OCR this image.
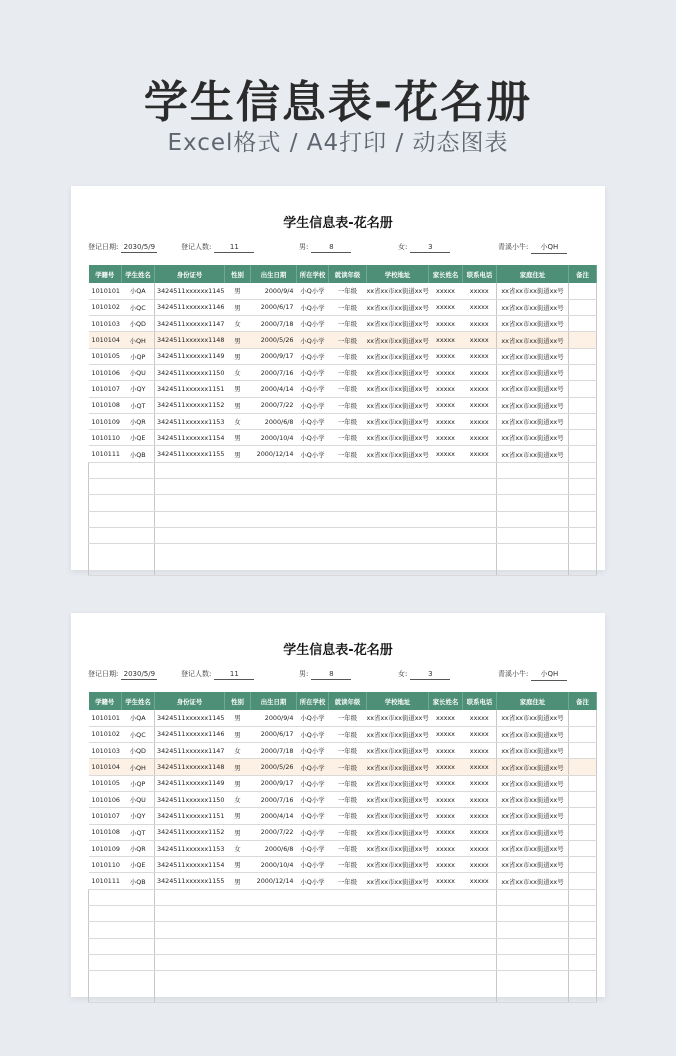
学生信息表-花名册
Excel格式 / A4打印 / 动态图表
学生信息表-花名册
登记日期: 2030/5/9	登记人数:	11	男:	8	女:	3	青溪小牛: 小QH
学籍号	学生姓名	身份证号	性别	出生日期	所在学校	就读年级	学校地址	家长姓名	联系电话	家庭住址	备注
1010101	小QA	3424511xxxxxx1145	男	2000/9/4	小Q小学	一年级	xx省xx市xx街道xx号	xxxxx	xxxxx	xx省xx市xx街道xx号	
1010102	小QC	3424511xxxxxx1146	男	2000/6/17	小Q小学	一年级	xx省xx市xx街道xx号	xxxxx	xxxxx	xx省xx市xx街道xx号	
1010103	小QD	3424511xxxxxx1147	女	2000/7/18	小Q小学	一年级	xx省xx市xx街道xx号	xxxxx	xxxxx	xx省xx市xx街道xx号	
1010104	小QH	3424511xxxxxx1148	男	2000/5/26	小Q小学	一年级	xx省xx市xx街道xx号	xxxxx	xxxxx	xx省xx市xx街道xx号	
1010105	小QP	3424511xxxxxx1149	男	2000/9/17	小Q小学	一年级	xx省xx市xx街道xx号	xxxxx	xxxxx	xx省xx市xx街道xx号	
1010106	小QU	3424511xxxxxx1150	女	2000/7/16	小Q小学	一年级	xx省xx市xx街道xx号	xxxxx	xxxxx	xx省xx市xx街道xx号	
1010107	小QY	3424511xxxxxx1151	男	2000/4/14	小Q小学	一年级	xx省xx市xx街道xx号	xxxxx	xxxxx	xx省xx市xx街道xx号	
1010108	小QT	3424511xxxxxx1152	男	2000/7/22	小Q小学	一年级	xx省xx市xx街道xx号	xxxxx	xxxxx	xx省xx市xx街道xx号	
1010109	小QR	3424511xxxxxx1153	女	2000/6/8	小Q小学	一年级	xx省xx市xx街道xx号	xxxxx	xxxxx	xx省xx市xx街道xx号	
1010110	小QE	3424511xxxxxx1154	男	2000/10/4	小Q小学	一年级	xx省xx市xx街道xx号	xxxxx	xxxxx	xx省xx市xx街道xx号	
1010111	小QB	3424511xxxxxx1155	男	2000/12/14	小Q小学	一年级	xx省xx市xx街道xx号	xxxxx	xxxxx	xx省xx市xx街道xx号	

学生信息表-花名册
登记日期: 2030/5/9	登记人数:	11	男:	8	女:	3	青溪小牛: 小QH
学籍号	学生姓名	身份证号	性别	出生日期	所在学校	就读年级	学校地址	家长姓名	联系电话	家庭住址	备注
1010101	小QA	3424511xxxxxx1145	男	2000/9/4	小Q小学	一年级	xx省xx市xx街道xx号	xxxxx	xxxxx	xx省xx市xx街道xx号	
1010102	小QC	3424511xxxxxx1146	男	2000/6/17	小Q小学	一年级	xx省xx市xx街道xx号	xxxxx	xxxxx	xx省xx市xx街道xx号	
1010103	小QD	3424511xxxxxx1147	女	2000/7/18	小Q小学	一年级	xx省xx市xx街道xx号	xxxxx	xxxxx	xx省xx市xx街道xx号	
1010104	小QH	3424511xxxxxx1148	男	2000/5/26	小Q小学	一年级	xx省xx市xx街道xx号	xxxxx	xxxxx	xx省xx市xx街道xx号	
1010105	小QP	3424511xxxxxx1149	男	2000/9/17	小Q小学	一年级	xx省xx市xx街道xx号	xxxxx	xxxxx	xx省xx市xx街道xx号	
1010106	小QU	3424511xxxxxx1150	女	2000/7/16	小Q小学	一年级	xx省xx市xx街道xx号	xxxxx	xxxxx	xx省xx市xx街道xx号	
1010107	小QY	3424511xxxxxx1151	男	2000/4/14	小Q小学	一年级	xx省xx市xx街道xx号	xxxxx	xxxxx	xx省xx市xx街道xx号	
1010108	小QT	3424511xxxxxx1152	男	2000/7/22	小Q小学	一年级	xx省xx市xx街道xx号	xxxxx	xxxxx	xx省xx市xx街道xx号	
1010109	小QR	3424511xxxxxx1153	女	2000/6/8	小Q小学	一年级	xx省xx市xx街道xx号	xxxxx	xxxxx	xx省xx市xx街道xx号	
1010110	小QE	3424511xxxxxx1154	男	2000/10/4	小Q小学	一年级	xx省xx市xx街道xx号	xxxxx	xxxxx	xx省xx市xx街道xx号	
1010111	小QB	3424511xxxxxx1155	男	2000/12/14	小Q小学	一年级	xx省xx市xx街道xx号	xxxxx	xxxxx	xx省xx市xx街道xx号	
